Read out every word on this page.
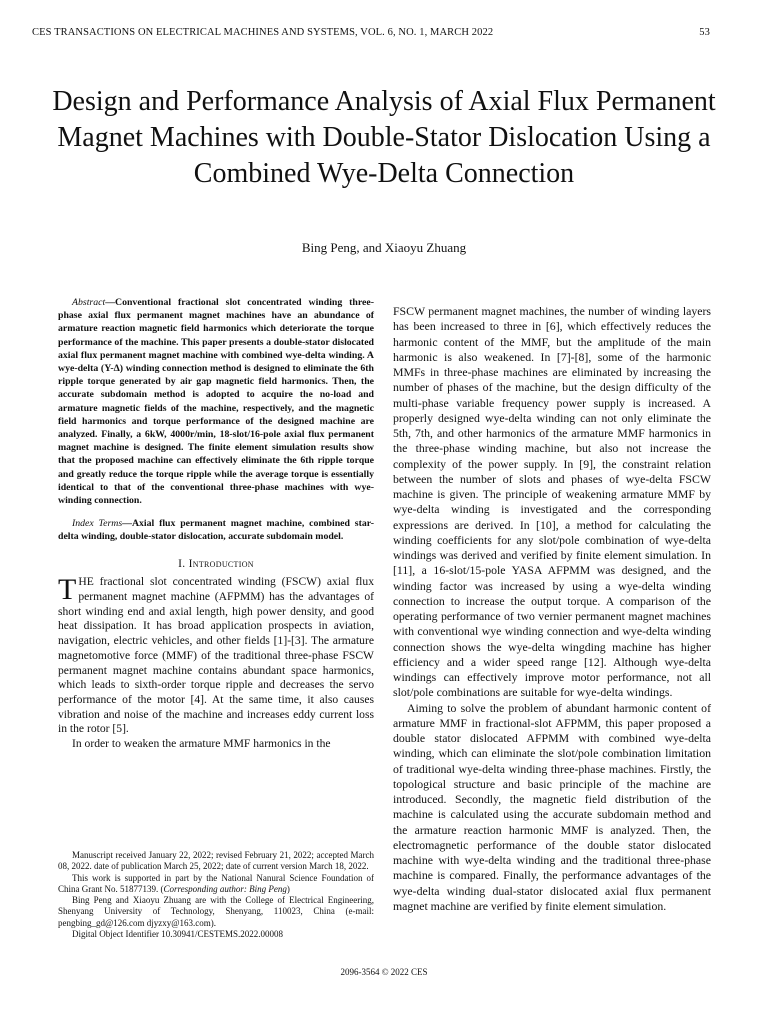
CES TRANSACTIONS ON ELECTRICAL MACHINES AND SYSTEMS, VOL. 6, NO. 1, MARCH 2022	53
Design and Performance Analysis of Axial Flux Permanent Magnet Machines with Double-Stator Dislocation Using a Combined Wye-Delta Connection
Bing Peng, and Xiaoyu Zhuang

Abstract—Conventional fractional slot concentrated winding three-phase axial flux permanent magnet machines have an abundance of armature reaction magnetic field harmonics which deteriorate the torque performance of the machine. This paper presents a double-stator dislocated axial flux permanent magnet machine with combined wye-delta winding. A wye-delta (Y-Δ) winding connection method is designed to eliminate the 6th ripple torque generated by air gap magnetic field harmonics. Then, the accurate subdomain method is adopted to acquire the no-load and armature magnetic fields of the machine, respectively, and the magnetic field harmonics and torque performance of the designed machine are analyzed. Finally, a 6kW, 4000r/min, 18-slot/16-pole axial flux permanent magnet machine is designed. The finite element simulation results show that the proposed machine can effectively eliminate the 6th ripple torque and greatly reduce the torque ripple while the average torque is essentially identical to that of the conventional three-phase machines with wye-winding connection.

Index Terms—Axial flux permanent magnet machine, combined star-delta winding, double-stator dislocation, accurate subdomain model.

I. Introduction

THE fractional slot concentrated winding (FSCW) axial flux permanent magnet machine (AFPMM) has the advantages of short winding end and axial length, high power density, and good heat dissipation. It has broad application prospects in aviation, navigation, electric vehicles, and other fields [1]-[3]. The armature magnetomotive force (MMF) of the traditional three-phase FSCW permanent magnet machine contains abundant space harmonics, which leads to sixth-order torque ripple and decreases the servo performance of the motor [4]. At the same time, it also causes vibration and noise of the machine and increases eddy current loss in the rotor [5].

In order to weaken the armature MMF harmonics in the

Manuscript received January 22, 2022; revised February 21, 2022; accepted March 08, 2022. date of publication March 25, 2022; date of current version March 18, 2022.

This work is supported in part by the National Nanural Science Foundation of China Grant No. 51877139. (Corresponding author: Bing Peng)

Bing Peng and Xiaoyu Zhuang are with the College of Electrical Engineering, Shenyang University of Technology, Shenyang, 110023, China (e-mail: pengbing_gd@126.com djyzxy@163.com).

Digital Object Identifier 10.30941/CESTEMS.2022.00008

FSCW permanent magnet machines, the number of winding layers has been increased to three in [6], which effectively reduces the harmonic content of the MMF, but the amplitude of the main harmonic is also weakened. In [7]-[8], some of the harmonic MMFs in three-phase machines are eliminated by increasing the number of phases of the machine, but the design difficulty of the multi-phase variable frequency power supply is increased. A properly designed wye-delta winding can not only eliminate the 5th, 7th, and other harmonics of the armature MMF harmonics in the three-phase winding machine, but also not increase the complexity of the power supply. In [9], the constraint relation between the number of slots and phases of wye-delta FSCW machine is given. The principle of weakening armature MMF by wye-delta winding is investigated and the corresponding expressions are derived. In [10], a method for calculating the winding coefficients for any slot/pole combination of wye-delta windings was derived and verified by finite element simulation. In [11], a 16-slot/15-pole YASA AFPMM was designed, and the winding factor was increased by using a wye-delta winding connection to increase the output torque. A comparison of the operating performance of two vernier permanent magnet machines with conventional wye winding connection and wye-delta winding connection shows the wye-delta wingding machine has higher efficiency and a wider speed range [12]. Although wye-delta windings can effectively improve motor performance, not all slot/pole combinations are suitable for wye-delta windings.

Aiming to solve the problem of abundant harmonic content of armature MMF in fractional-slot AFPMM, this paper proposed a double stator dislocated AFPMM with combined wye-delta winding, which can eliminate the slot/pole combination limitation of traditional wye-delta winding three-phase machines. Firstly, the topological structure and basic principle of the machine are introduced. Secondly, the magnetic field distribution of the machine is calculated using the accurate subdomain method and the armature reaction harmonic MMF is analyzed. Then, the electromagnetic performance of the double stator dislocated machine with wye-delta winding and the traditional three-phase machine is compared. Finally, the performance advantages of the wye-delta winding dual-stator dislocated axial flux permanent magnet machine are verified by finite element simulation.

2096-3564 © 2022 CES
